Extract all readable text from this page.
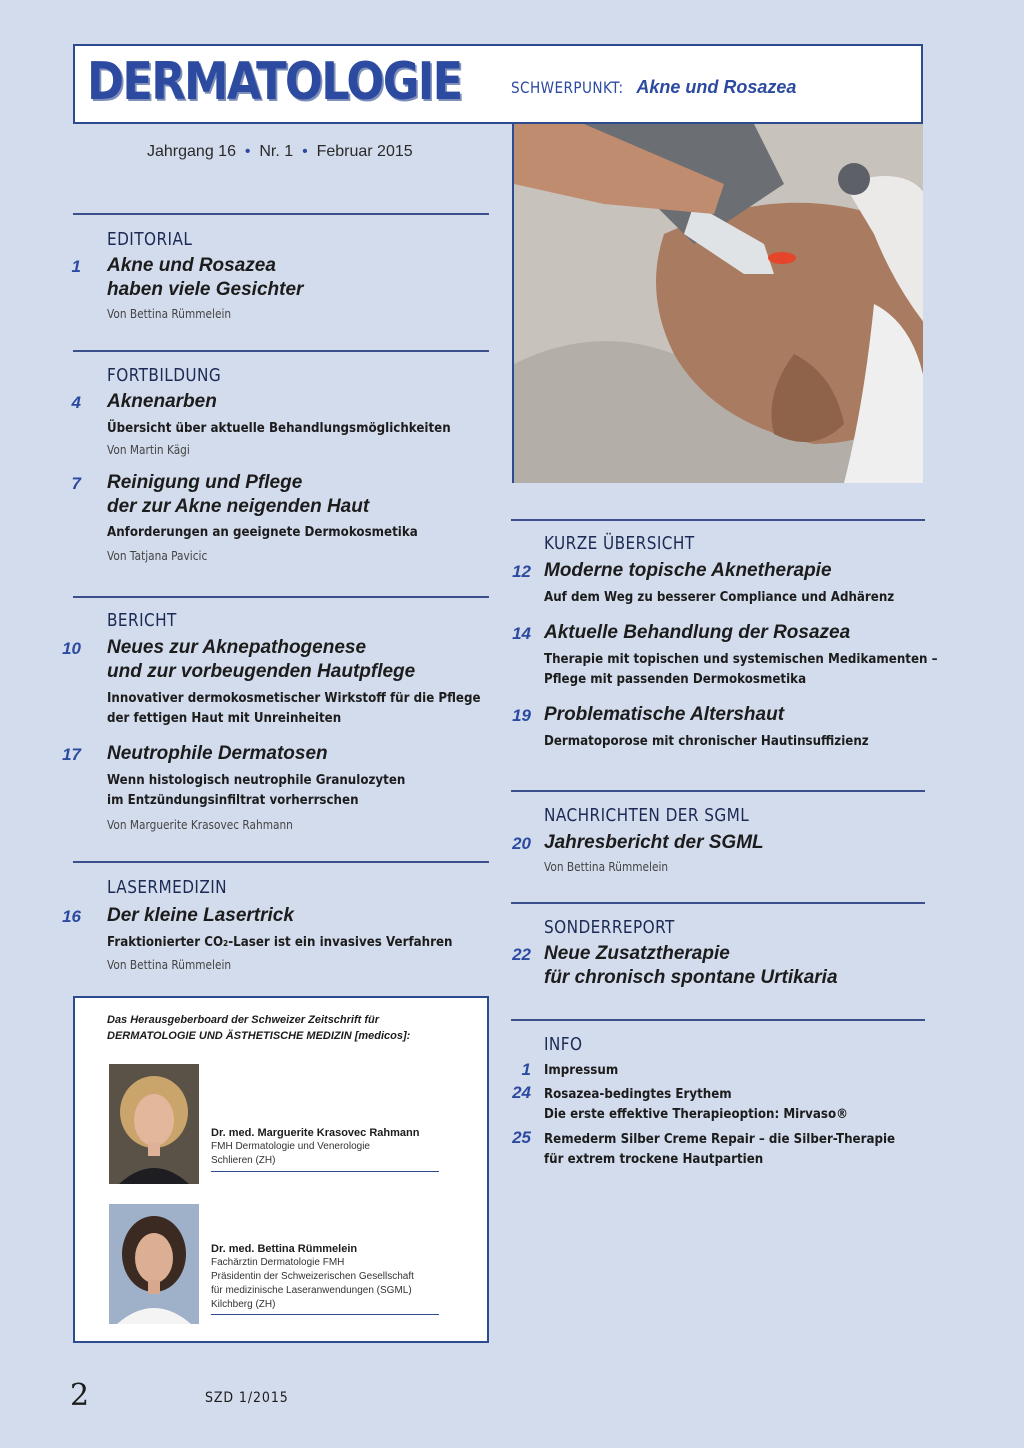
DERMATOLOGIE	SCHWERPUNKT: Akne und Rosazea
Jahrgang 16  •  Nr. 1  •  Februar 2015
EDITORIAL
1 Akne und Rosazea
haben viele Gesichter
Von Bettina Rümmelein
FORTBILDUNG
4 Aknenarben
Übersicht über aktuelle Behandlungsmöglichkeiten
Von Martin Kägi
7 Reinigung und Pflege
der zur Akne neigenden Haut
Anforderungen an geeignete Dermokosmetika
Von Tatjana Pavicic
BERICHT
10 Neues zur Aknepathogenese
und zur vorbeugenden Hautpflege
Innovativer dermokosmetischer Wirkstoff für die Pflege
der fettigen Haut mit Unreinheiten
17 Neutrophile Dermatosen
Wenn histologisch neutrophile Granulozyten
im Entzündungsinfiltrat vorherrschen
Von Marguerite Krasovec Rahmann
LASERMEDIZIN
16 Der kleine Lasertrick
Fraktionierter CO₂-Laser ist ein invasives Verfahren
Von Bettina Rümmelein
KURZE ÜBERSICHT
12 Moderne topische Aknetherapie
Auf dem Weg zu besserer Compliance und Adhärenz
14 Aktuelle Behandlung der Rosazea
Therapie mit topischen und systemischen Medikamenten –
Pflege mit passenden Dermokosmetika
19 Problematische Altershaut
Dermatoporose mit chronischer Hautinsuffizienz
NACHRICHTEN DER SGML
20 Jahresbericht der SGML
Von Bettina Rümmelein
SONDERREPORT
22 Neue Zusatztherapie
für chronisch spontane Urtikaria
INFO
1 Impressum
24 Rosazea-bedingtes Erythem
Die erste effektive Therapieoption: Mirvaso®
25 Remederm Silber Creme Repair – die Silber-Therapie
für extrem trockene Hautpartien
Das Herausgeberboard der Schweizer Zeitschrift für
DERMATOLOGIE UND ÄSTHETISCHE MEDIZIN [medicos]:
Dr. med. Marguerite Krasovec Rahmann
FMH Dermatologie und Venerologie
Schlieren (ZH)
Dr. med. Bettina Rümmelein
Fachärztin Dermatologie FMH
Präsidentin der Schweizerischen Gesellschaft
für medizinische Laseranwendungen (SGML)
Kilchberg (ZH)
2	SZD 1/2015
